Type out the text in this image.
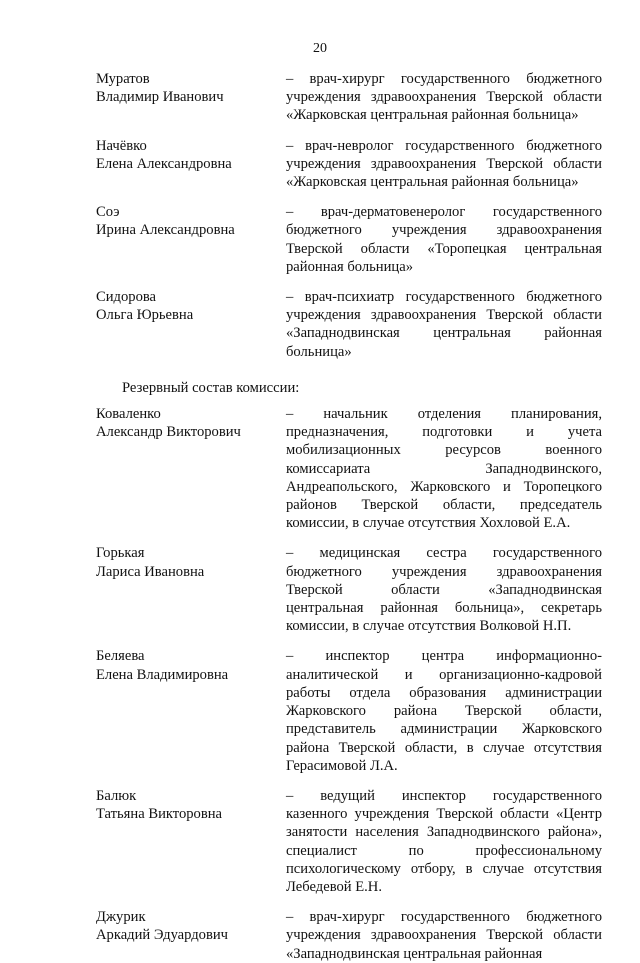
20
Муратов
Владимир Иванович
– врач-хирург государственного бюджетного
учреждения здравоохранения Тверской области
«Жарковская центральная районная больница»
Начёвко
Елена Александровна
– врач-невролог государственного бюджетного
учреждения здравоохранения Тверской области
«Жарковская центральная районная больница»
Соэ
Ирина Александровна
– врач-дерматовенеролог государственного
бюджетного учреждения здравоохранения
Тверской области «Торопецкая центральная
районная больница»
Сидорова
Ольга Юрьевна
– врач-психиатр государственного бюджетного
учреждения здравоохранения Тверской области
«Западнодвинская центральная районная
больница»
Резервный состав комиссии:
Коваленко
Александр Викторович
– начальник отделения планирования,
предназначения, подготовки и учета
мобилизационных ресурсов военного
комиссариата Западнодвинского,
Андреапольского, Жарковского и Торопецкого
районов Тверской области, председатель
комиссии, в случае отсутствия Хохловой Е.А.
Горькая
Лариса Ивановна
– медицинская сестра государственного
бюджетного учреждения здравоохранения
Тверской области «Западнодвинская
центральная районная больница», секретарь
комиссии, в случае отсутствия Волковой Н.П.
Беляева
Елена Владимировна
– инспектор центра информационно-
аналитической и организационно-кадровой
работы отдела образования администрации
Жарковского района Тверской области,
представитель администрации Жарковского
района Тверской области, в случае отсутствия
Герасимовой Л.А.
Балюк
Татьяна Викторовна
– ведущий инспектор государственного
казенного учреждения Тверской области «Центр
занятости населения Западнодвинского района»,
специалист по профессиональному
психологическому отбору, в случае отсутствия
Лебедевой Е.Н.
Джурик
Аркадий Эдуардович
– врач-хирург государственного бюджетного
учреждения здравоохранения Тверской области
«Западнодвинская центральная районная
